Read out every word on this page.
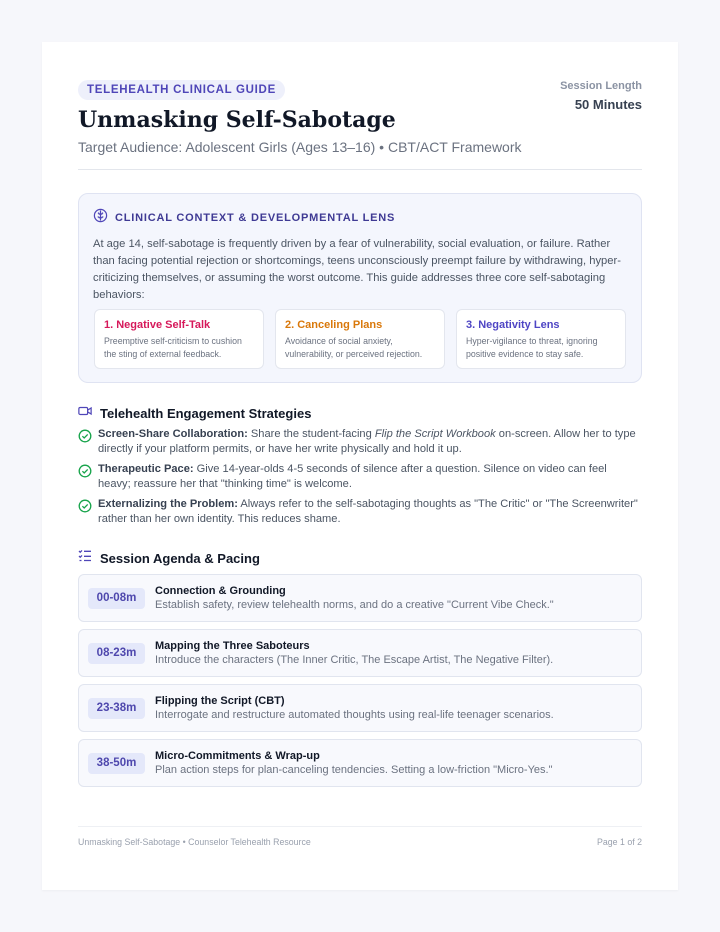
TELEHEALTH CLINICAL GUIDE
Unmasking Self-Sabotage
Target Audience: Adolescent Girls (Ages 13–16) • CBT/ACT Framework
Session Length
50 Minutes
CLINICAL CONTEXT & DEVELOPMENTAL LENS
At age 14, self-sabotage is frequently driven by a fear of vulnerability, social evaluation, or failure. Rather than facing potential rejection or shortcomings, teens unconsciously preempt failure by withdrawing, hyper-criticizing themselves, or assuming the worst outcome. This guide addresses three core self-sabotaging behaviors:
1. Negative Self-Talk
Preemptive self-criticism to cushion the sting of external feedback.
2. Canceling Plans
Avoidance of social anxiety, vulnerability, or perceived rejection.
3. Negativity Lens
Hyper-vigilance to threat, ignoring positive evidence to stay safe.
Telehealth Engagement Strategies
Screen-Share Collaboration: Share the student-facing Flip the Script Workbook on-screen. Allow her to type directly if your platform permits, or have her write physically and hold it up.
Therapeutic Pace: Give 14-year-olds 4-5 seconds of silence after a question. Silence on video can feel heavy; reassure her that "thinking time" is welcome.
Externalizing the Problem: Always refer to the self-sabotaging thoughts as "The Critic" or "The Screenwriter" rather than her own identity. This reduces shame.
Session Agenda & Pacing
00-08m
Connection & Grounding
Establish safety, review telehealth norms, and do a creative "Current Vibe Check."
08-23m
Mapping the Three Saboteurs
Introduce the characters (The Inner Critic, The Escape Artist, The Negative Filter).
23-38m
Flipping the Script (CBT)
Interrogate and restructure automated thoughts using real-life teenager scenarios.
38-50m
Micro-Commitments & Wrap-up
Plan action steps for plan-canceling tendencies. Setting a low-friction "Micro-Yes."
Unmasking Self-Sabotage • Counselor Telehealth Resource	Page 1 of 2
